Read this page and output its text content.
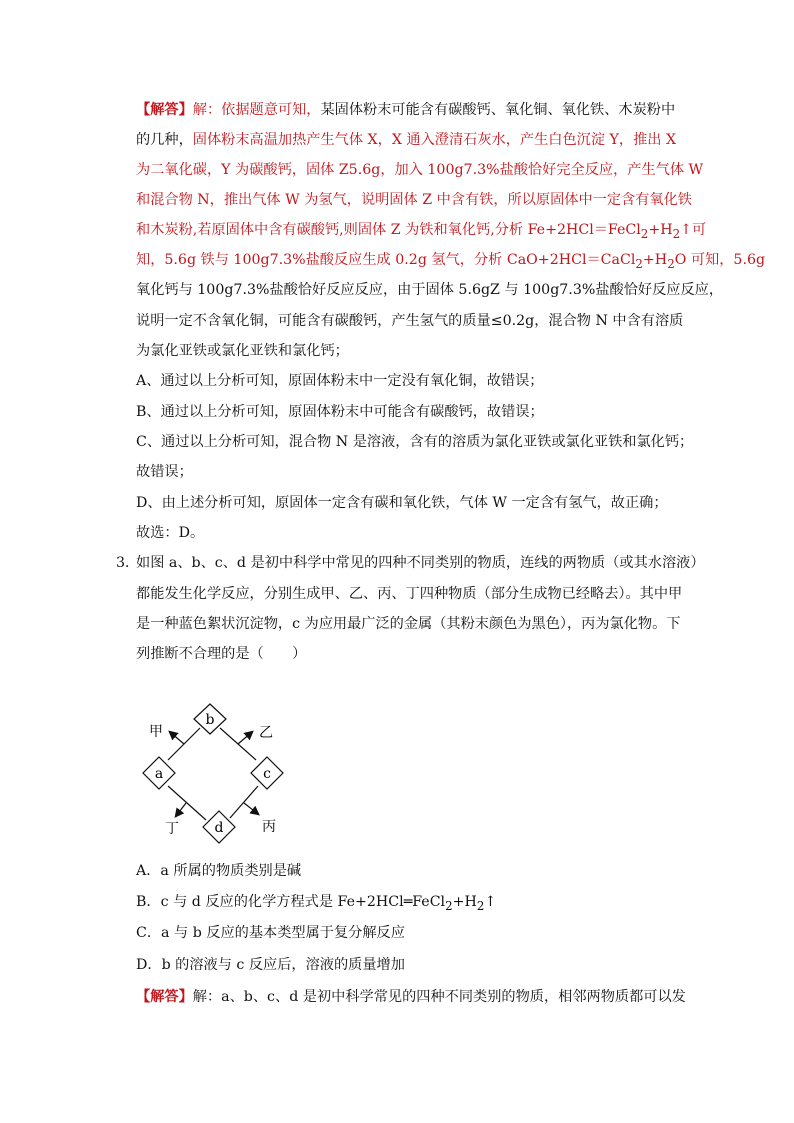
【解答】解：依据题意可知，某固体粉末可能含有碳酸钙、氧化铜、氧化铁、木炭粉中
的几种，固体粉末高温加热产生气体 X，X 通入澄清石灰水，产生白色沉淀 Y，推出 X
为二氧化碳，Y 为碳酸钙，固体 Z5.6g，加入 100g7.3%盐酸恰好完全反应，产生气体 W
和混合物 N，推出气体 W 为氢气，说明固体 Z 中含有铁，所以原固体中一定含有氧化铁
和木炭粉,若原固体中含有碳酸钙,则固体 Z 为铁和氧化钙,分析 $Fe+2HCl=FeCl_2+H_2↑$可
知，5.6g 铁与 100g7.3%盐酸反应生成 0.2g 氢气，分析 $CaO+2HCl=CaCl_2+H_2O$ 可知，5.6g
氧化钙与 100g7.3%盐酸恰好反应反应，由于固体 5.6gZ 与 100g7.3%盐酸恰好反应反应，
说明一定不含氧化铜，可能含有碳酸钙，产生氢气的质量≤0.2g，混合物 N 中含有溶质
为氯化亚铁或氯化亚铁和氯化钙；
A、通过以上分析可知，原固体粉末中一定没有氧化铜，故错误；
B、通过以上分析可知，原固体粉末中可能含有碳酸钙，故错误；
C、通过以上分析可知，混合物 N 是溶液，含有的溶质为氯化亚铁或氯化亚铁和氯化钙；
故错误；
D、由上述分析可知，原固体一定含有碳和氧化铁，气体 W 一定含有氢气，故正确；
故选：D。
3．
如图 a、b、c、d 是初中科学中常见的四种不同类别的物质，连线的两物质（或其水溶液）
都能发生化学反应，分别生成甲、乙、丙、丁四种物质（部分生成物已经略去）。其中甲
是一种蓝色絮状沉淀物，c 为应用最广泛的金属（其粉末颜色为黑色），丙为氯化物。下
列推断不合理的是（　　）
b
a	c
d
甲	乙
丁	丙
A．a 所属的物质类别是碱
B．c 与 d 反应的化学方程式是 $Fe+2HCl═FeCl_2+H_2↑$
C．a 与 b 反应的基本类型属于复分解反应
D．b 的溶液与 c 反应后，溶液的质量增加
【解答】解：a、b、c、d 是初中科学常见的四种不同类别的物质，相邻两物质都可以发
